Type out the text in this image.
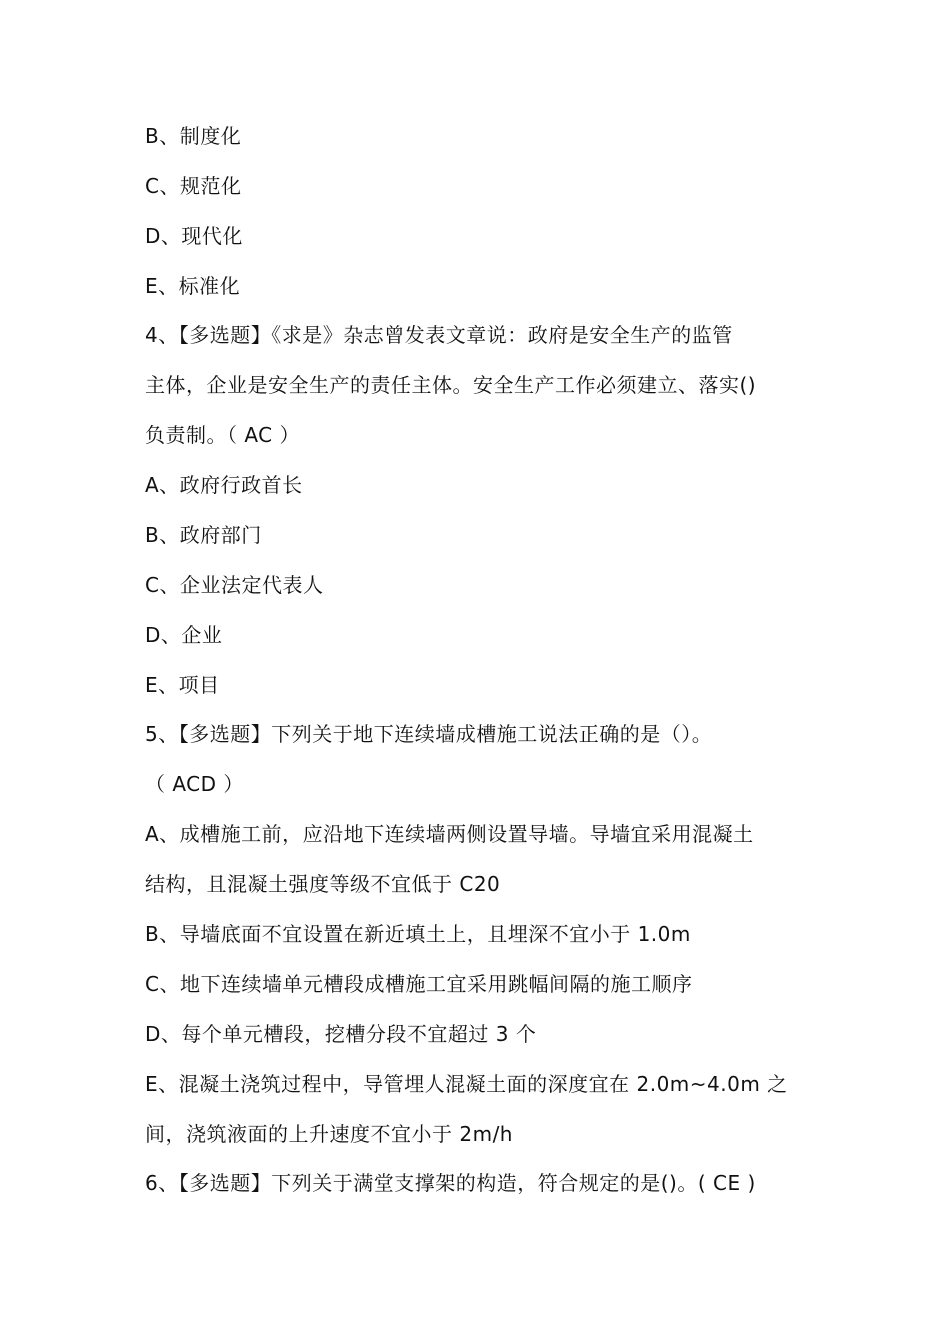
B、制度化
C、规范化
D、现代化
E、标准化
4、【多选题】《求是》杂志曾发表文章说：政府是安全生产的监管
主体，企业是安全生产的责任主体。安全生产工作必须建立、落实()
负责制。（ AC ）
A、政府行政首长
B、政府部门
C、企业法定代表人
D、企业
E、项目
5、【多选题】下列关于地下连续墙成槽施工说法正确的是（）。
（ ACD ）
A、成槽施工前，应沿地下连续墙两侧设置导墙。导墙宜采用混凝土
结构，且混凝土强度等级不宜低于 C20
B、导墙底面不宜设置在新近填土上，且埋深不宜小于 1.0m
C、地下连续墙单元槽段成槽施工宜采用跳幅间隔的施工顺序
D、每个单元槽段，挖槽分段不宜超过 3 个
E、混凝土浇筑过程中，导管埋人混凝土面的深度宜在 2.0m~4.0m 之
间，浇筑液面的上升速度不宜小于 2m/h
6、【多选题】下列关于满堂支撑架的构造，符合规定的是()。( CE )
